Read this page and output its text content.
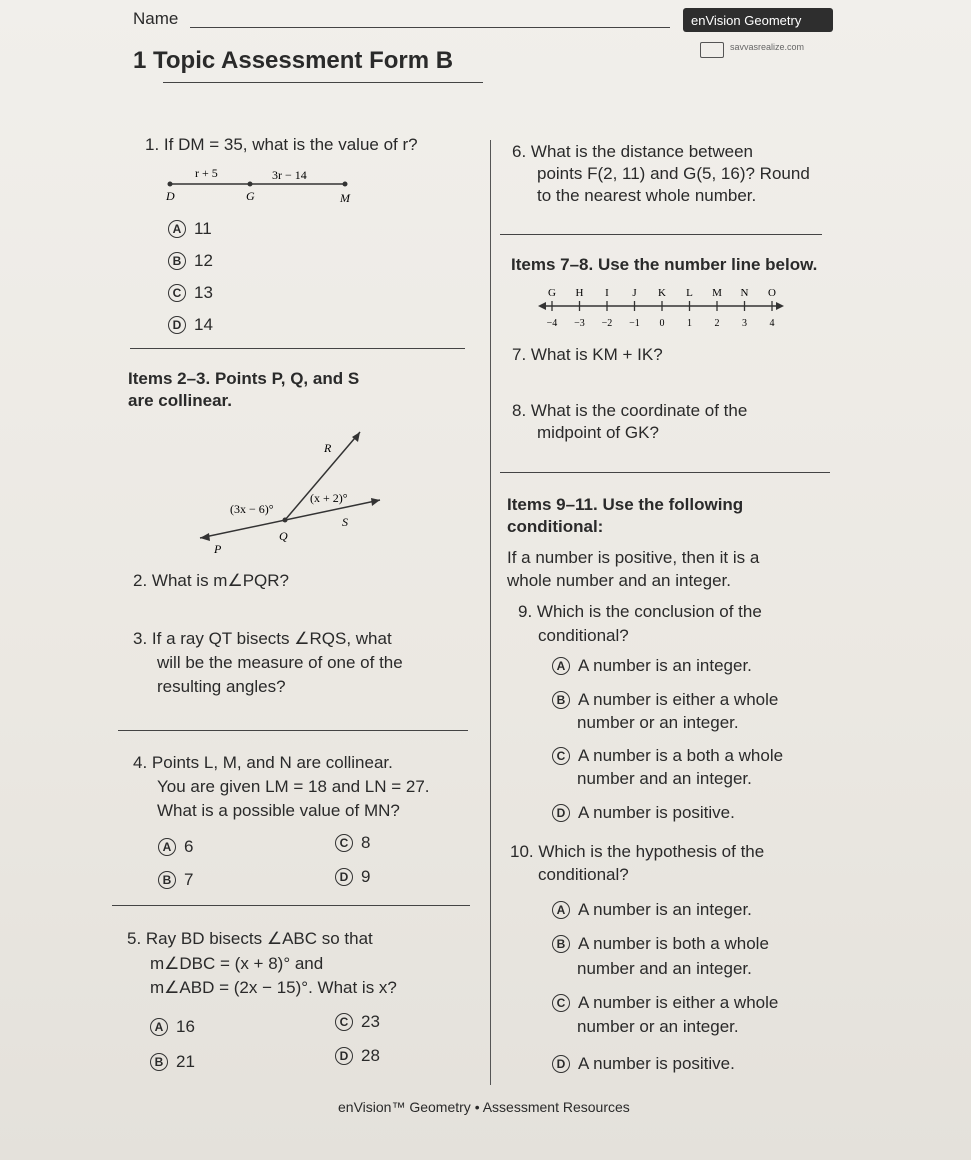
Name	enVision Geometry
savvasrealize.com
1 Topic Assessment Form B
1. If DM = 35, what is the value of r?
r + 5	3r − 14
D	G	M
A 11
B 12
C 13
D 14
Items 2–3. Points P, Q, and S
are collinear.
R
S
Q
P
(3x − 6)°
(x + 2)°
2. What is m∠PQR?
3. If a ray QT bisects ∠RQS, what
will be the measure of one of the
resulting angles?
4. Points L, M, and N are collinear.
You are given LM = 18 and LN = 27.
What is a possible value of MN?
A 6
B 7
C 8
D 9
5. Ray BD bisects ∠ABC so that
m∠DBC = (x + 8)° and
m∠ABD = (2x − 15)°. What is x?
A 16
B 21
C 23
D 28
6. What is the distance between
points F(2, 11) and G(5, 16)? Round
to the nearest whole number.
Items 7–8. Use the number line below.
G
−4
H
−3
I
−2
J
−1
K
0
L
1
M
2
N
3
O
4
7. What is KM + IK?
8. What is the coordinate of the
midpoint of GK?
Items 9–11. Use the following
conditional:
If a number is positive, then it is a
whole number and an integer.
9. Which is the conclusion of the
conditional?
A A number is an integer.
B A number is either a whole
number or an integer.
C A number is a both a whole
number and an integer.
D A number is positive.
10. Which is the hypothesis of the
conditional?
A A number is an integer.
B A number is both a whole
number and an integer.
C A number is either a whole
number or an integer.
D A number is positive.
enVision™ Geometry • Assessment Resources
